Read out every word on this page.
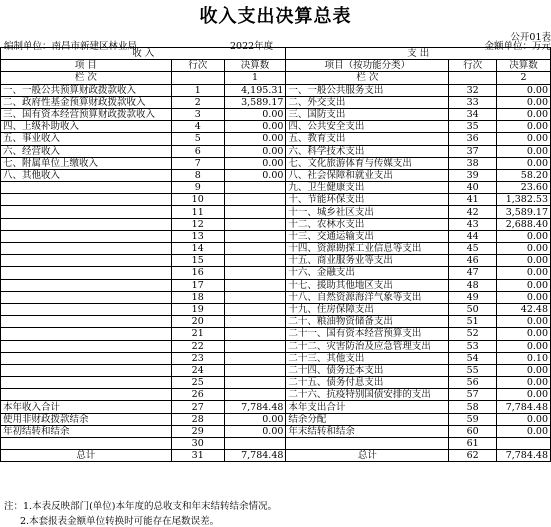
收入支出决算总表
公开01表
编制单位：南昌市新建区林业局	2022年度	金额单位：万元
收 入			支 出		
项 目	行次	决算数	项目（按功能分类）	行次	决算数
栏 次		1	栏 次		2
一、一般公共预算财政拨款收入	1	4,195.31	一、一般公共服务支出	32	0.00
二、政府性基金预算财政拨款收入	2	3,589.17	二、外交支出	33	0.00
三、国有资本经营预算财政拨款收入	3	0.00	三、国防支出	34	0.00
四、上级补助收入	4	0.00	四、公共安全支出	35	0.00
五、事业收入	5	0.00	五、教育支出	36	0.00
六、经营收入	6	0.00	六、科学技术支出	37	0.00
七、附属单位上缴收入	7	0.00	七、文化旅游体育与传媒支出	38	0.00
八、其他收入	8	0.00	八、社会保障和就业支出	39	58.20
	9		九、卫生健康支出	40	23.60
	10		十、节能环保支出	41	1,382.53
	11		十一、城乡社区支出	42	3,589.17
	12		十二、农林水支出	43	2,688.40
	13		十三、交通运输支出	44	0.00
	14		十四、资源勘探工业信息等支出	45	0.00
	15		十五、商业服务业等支出	46	0.00
	16		十六、金融支出	47	0.00
	17		十七、援助其他地区支出	48	0.00
	18		十八、自然资源海洋气象等支出	49	0.00
	19		十九、住房保障支出	50	42.48
	20		二十、粮油物资储备支出	51	0.00
	21		二十一、国有资本经营预算支出	52	0.00
	22		二十二、灾害防治及应急管理支出	53	0.00
	23		二十三、其他支出	54	0.10
	24		二十四、债务还本支出	55	0.00
	25		二十五、债务付息支出	56	0.00
	26		二十六、抗疫特别国债安排的支出	57	0.00
本年收入合计	27	7,784.48	本年支出合计	58	7,784.48
使用非财政拨款结余	28	0.00	结余分配	59	0.00
年初结转和结余	29	0.00	年末结转和结余	60	0.00
	30			61	
总计	31	7,784.48	总计	62	7,784.48
注：1.本表反映部门(单位)本年度的总收支和年末结转结余情况。
2.本套报表金额单位转换时可能存在尾数误差。
